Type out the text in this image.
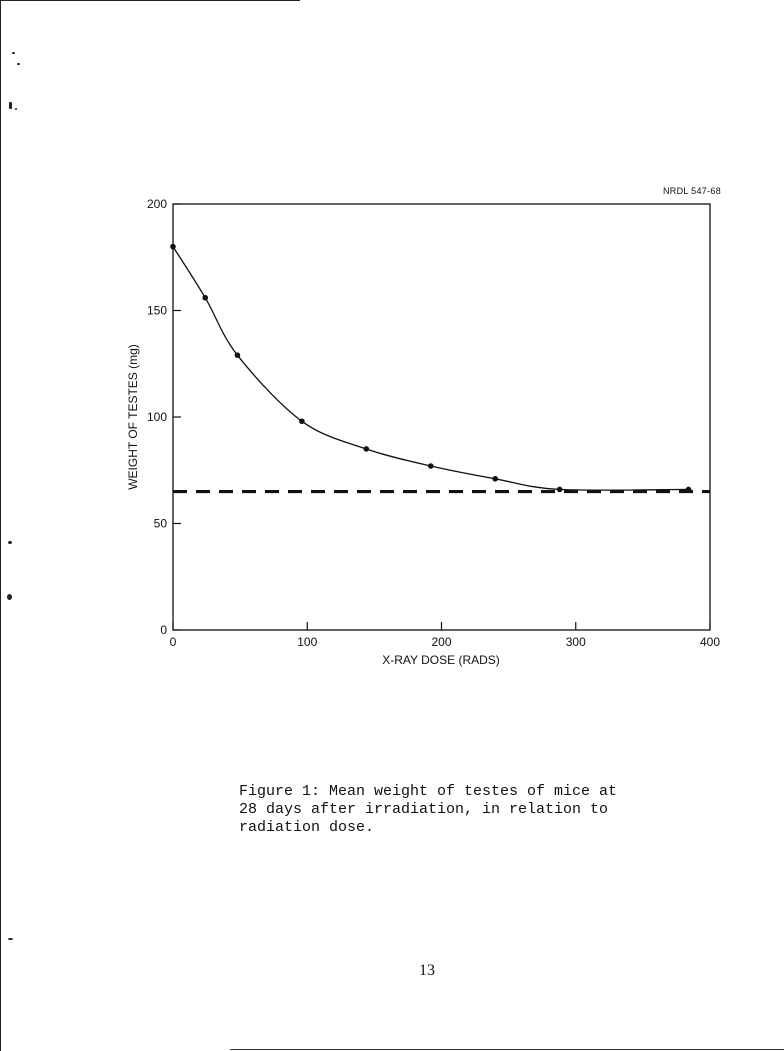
0	100	200	300	400
0
50
100
150
200
X-RAY DOSE (RADS)
WEIGHT OF TESTES (mg)
NRDL 547-68
Figure 1: Mean weight of testes of mice at
28 days after irradiation, in relation to
radiation dose.
13
